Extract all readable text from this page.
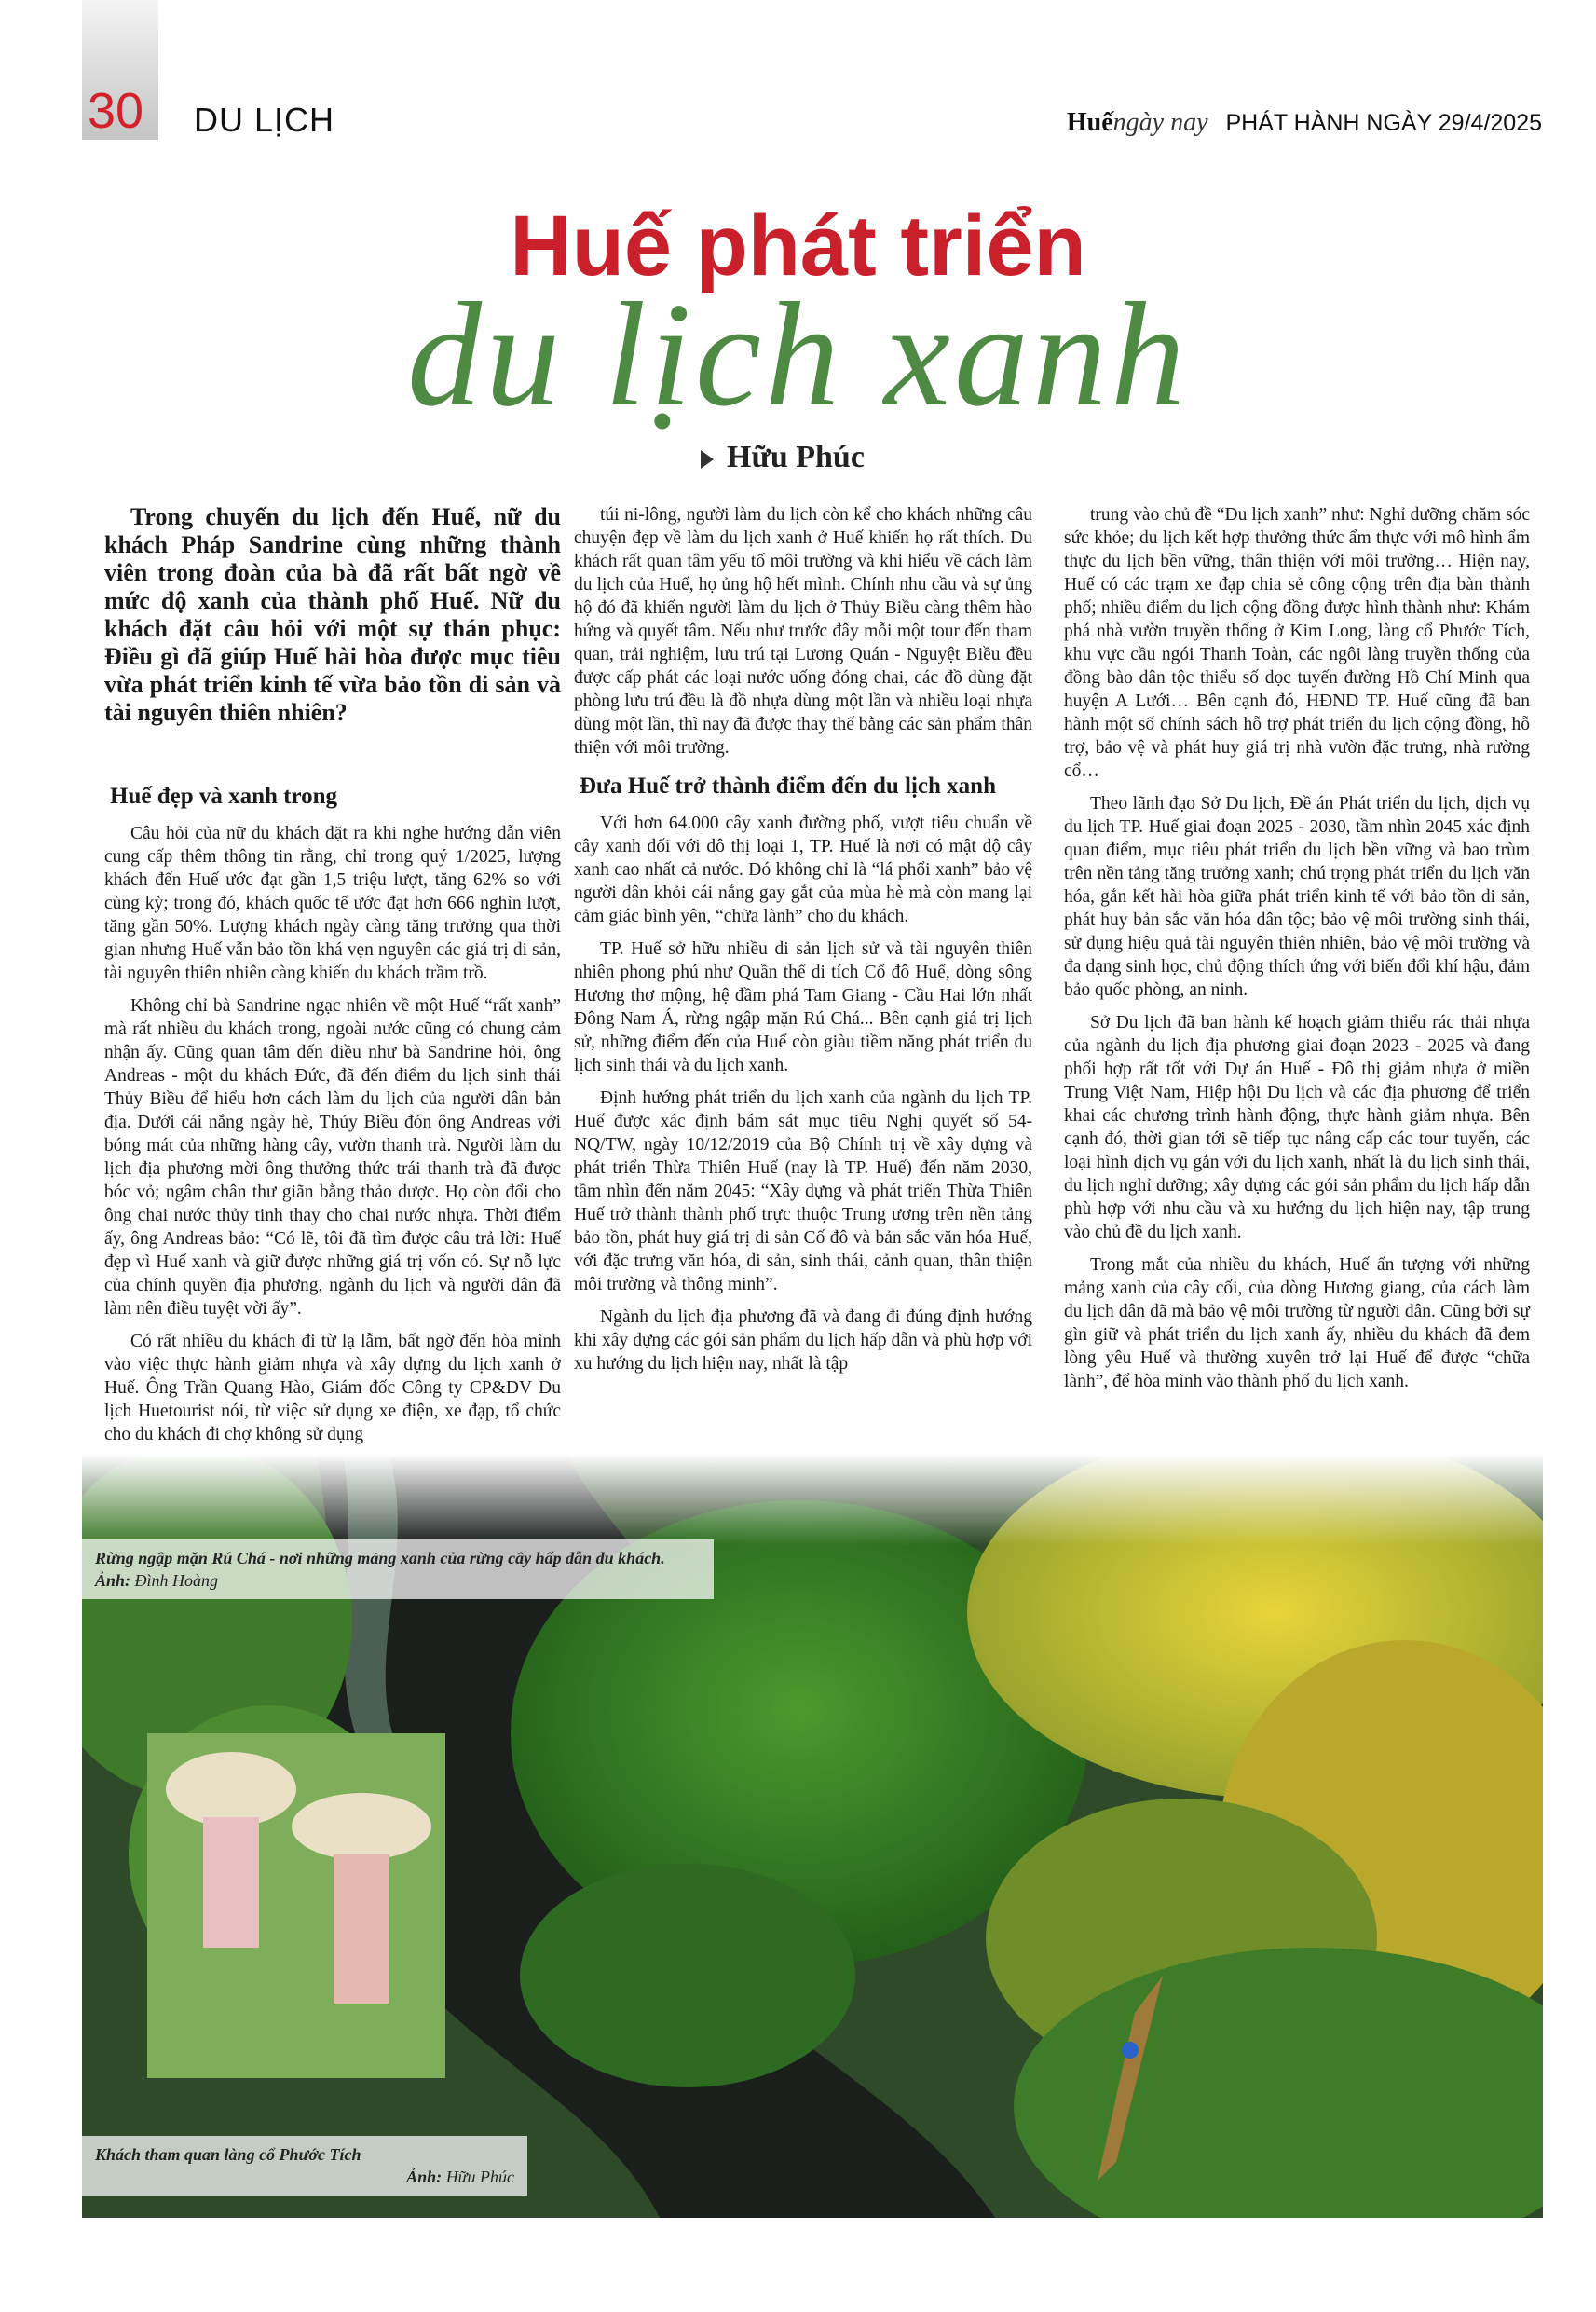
30 DU LỊCH	Huếngày nay PHÁT HÀNH NGÀY 29/4/2025
Huế phát triển
du lịch xanh
Hữu Phúc
Trong chuyến du lịch đến Huế, nữ du khách Pháp Sandrine cùng những thành viên trong đoàn của bà đã rất bất ngờ về mức độ xanh của thành phố Huế. Nữ du khách đặt câu hỏi với một sự thán phục: Điều gì đã giúp Huế hài hòa được mục tiêu vừa phát triển kinh tế vừa bảo tồn di sản và tài nguyên thiên nhiên?
Huế đẹp và xanh trong

Câu hỏi của nữ du khách đặt ra khi nghe hướng dẫn viên cung cấp thêm thông tin rằng, chỉ trong quý 1/2025, lượng khách đến Huế ước đạt gần 1,5 triệu lượt, tăng 62% so với cùng kỳ; trong đó, khách quốc tế ước đạt hơn 666 nghìn lượt, tăng gần 50%. Lượng khách ngày càng tăng trưởng qua thời gian nhưng Huế vẫn bảo tồn khá vẹn nguyên các giá trị di sản, tài nguyên thiên nhiên càng khiến du khách trầm trồ.

Không chỉ bà Sandrine ngạc nhiên về một Huế “rất xanh” mà rất nhiều du khách trong, ngoài nước cũng có chung cảm nhận ấy. Cũng quan tâm đến điều như bà Sandrine hỏi, ông Andreas - một du khách Đức, đã đến điểm du lịch sinh thái Thủy Biều để hiểu hơn cách làm du lịch của người dân bản địa. Dưới cái nắng ngày hè, Thủy Biều đón ông Andreas với bóng mát của những hàng cây, vườn thanh trà. Người làm du lịch địa phương mời ông thưởng thức trái thanh trà đã được bóc vỏ; ngâm chân thư giãn bằng thảo dược. Họ còn đổi cho ông chai nước thủy tinh thay cho chai nước nhựa. Thời điểm ấy, ông Andreas bảo: “Có lẽ, tôi đã tìm được câu trả lời: Huế đẹp vì Huế xanh và giữ được những giá trị vốn có. Sự nỗ lực của chính quyền địa phương, ngành du lịch và người dân đã làm nên điều tuyệt vời ấy”.

Có rất nhiều du khách đi từ lạ lẫm, bất ngờ đến hòa mình vào việc thực hành giảm nhựa và xây dựng du lịch xanh ở Huế. Ông Trần Quang Hào, Giám đốc Công ty CP&DV Du lịch Huetourist nói, từ việc sử dụng xe điện, xe đạp, tổ chức cho du khách đi chợ không sử dụng

túi ni-lông, người làm du lịch còn kể cho khách những câu chuyện đẹp về làm du lịch xanh ở Huế khiến họ rất thích. Du khách rất quan tâm yếu tố môi trường và khi hiểu về cách làm du lịch của Huế, họ ủng hộ hết mình. Chính nhu cầu và sự ủng hộ đó đã khiến người làm du lịch ở Thủy Biều càng thêm hào hứng và quyết tâm. Nếu như trước đây mỗi một tour đến tham quan, trải nghiệm, lưu trú tại Lương Quán - Nguyệt Biều đều được cấp phát các loại nước uống đóng chai, các đồ dùng đặt phòng lưu trú đều là đồ nhựa dùng một lần và nhiều loại nhựa dùng một lần, thì nay đã được thay thế bằng các sản phẩm thân thiện với môi trường.

Đưa Huế trở thành điểm đến du lịch xanh

Với hơn 64.000 cây xanh đường phố, vượt tiêu chuẩn về cây xanh đối với đô thị loại 1, TP. Huế là nơi có mật độ cây xanh cao nhất cả nước. Đó không chỉ là “lá phổi xanh” bảo vệ người dân khỏi cái nắng gay gắt của mùa hè mà còn mang lại cảm giác bình yên, “chữa lành” cho du khách.

TP. Huế sở hữu nhiều di sản lịch sử và tài nguyên thiên nhiên phong phú như Quần thể di tích Cố đô Huế, dòng sông Hương thơ mộng, hệ đầm phá Tam Giang - Cầu Hai lớn nhất Đông Nam Á, rừng ngập mặn Rú Chá... Bên cạnh giá trị lịch sử, những điểm đến của Huế còn giàu tiềm năng phát triển du lịch sinh thái và du lịch xanh.

Định hướng phát triển du lịch xanh của ngành du lịch TP. Huế được xác định bám sát mục tiêu Nghị quyết số 54-NQ/TW, ngày 10/12/2019 của Bộ Chính trị về xây dựng và phát triển Thừa Thiên Huế (nay là TP. Huế) đến năm 2030, tầm nhìn đến năm 2045: “Xây dựng và phát triển Thừa Thiên Huế trở thành thành phố trực thuộc Trung ương trên nền tảng bảo tồn, phát huy giá trị di sản Cố đô và bản sắc văn hóa Huế, với đặc trưng văn hóa, di sản, sinh thái, cảnh quan, thân thiện môi trường và thông minh”.

Ngành du lịch địa phương đã và đang đi đúng định hướng khi xây dựng các gói sản phẩm du lịch hấp dẫn và phù hợp với xu hướng du lịch hiện nay, nhất là tập

trung vào chủ đề “Du lịch xanh” như: Nghỉ dưỡng chăm sóc sức khỏe; du lịch kết hợp thưởng thức ẩm thực với mô hình ẩm thực du lịch bền vững, thân thiện với môi trường… Hiện nay, Huế có các trạm xe đạp chia sẻ công cộng trên địa bàn thành phố; nhiều điểm du lịch cộng đồng được hình thành như: Khám phá nhà vườn truyền thống ở Kim Long, làng cổ Phước Tích, khu vực cầu ngói Thanh Toàn, các ngôi làng truyền thống của đồng bào dân tộc thiểu số dọc tuyến đường Hồ Chí Minh qua huyện A Lưới… Bên cạnh đó, HĐND TP. Huế cũng đã ban hành một số chính sách hỗ trợ phát triển du lịch cộng đồng, hỗ trợ, bảo vệ và phát huy giá trị nhà vườn đặc trưng, nhà rường cổ…

Theo lãnh đạo Sở Du lịch, Đề án Phát triển du lịch, dịch vụ du lịch TP. Huế giai đoạn 2025 - 2030, tầm nhìn 2045 xác định quan điểm, mục tiêu phát triển du lịch bền vững và bao trùm trên nền tảng tăng trưởng xanh; chú trọng phát triển du lịch văn hóa, gắn kết hài hòa giữa phát triển kinh tế với bảo tồn di sản, phát huy bản sắc văn hóa dân tộc; bảo vệ môi trường sinh thái, sử dụng hiệu quả tài nguyên thiên nhiên, bảo vệ môi trường và đa dạng sinh học, chủ động thích ứng với biến đổi khí hậu, đảm bảo quốc phòng, an ninh.

Sở Du lịch đã ban hành kế hoạch giảm thiểu rác thải nhựa của ngành du lịch địa phương giai đoạn 2023 - 2025 và đang phối hợp rất tốt với Dự án Huế - Đô thị giảm nhựa ở miền Trung Việt Nam, Hiệp hội Du lịch và các địa phương để triển khai các chương trình hành động, thực hành giảm nhựa. Bên cạnh đó, thời gian tới sẽ tiếp tục nâng cấp các tour tuyến, các loại hình dịch vụ gắn với du lịch xanh, nhất là du lịch sinh thái, du lịch nghỉ dưỡng; xây dựng các gói sản phẩm du lịch hấp dẫn phù hợp với nhu cầu và xu hướng du lịch hiện nay, tập trung vào chủ đề du lịch xanh.

Trong mắt của nhiều du khách, Huế ấn tượng với những mảng xanh của cây cối, của dòng Hương giang, của cách làm du lịch dân dã mà bảo vệ môi trường từ người dân. Cũng bởi sự gìn giữ và phát triển du lịch xanh ấy, nhiều du khách đã đem lòng yêu Huế và thường xuyên trở lại Huế để được “chữa lành”, để hòa mình vào thành phố du lịch xanh.

Rừng ngập mặn Rú Chá - nơi những mảng xanh của rừng cây hấp dẫn du khách. Ảnh: Đình Hoàng
Khách tham quan làng cổ Phước Tích
Ảnh: Hữu Phúc
